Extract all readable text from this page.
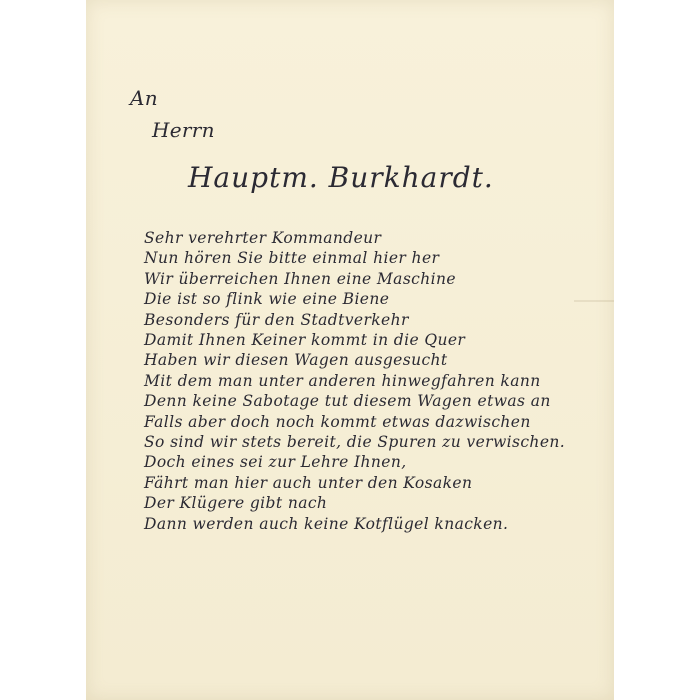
An

Herrn

Hauptm. Burkhardt.

Sehr verehrter Kommandeur
Nun hören Sie bitte einmal hier her
Wir überreichen Ihnen eine Maschine
Die ist so flink wie eine Biene
Besonders für den Stadtverkehr
Damit Ihnen Keiner kommt in die Quer
Haben wir diesen Wagen ausgesucht
Mit dem man unter anderen hinwegfahren kann
Denn keine Sabotage tut diesem Wagen etwas an
Falls aber doch noch kommt etwas dazwischen
So sind wir stets bereit, die Spuren zu verwischen.
Doch eines sei zur Lehre Ihnen,
Fährt man hier auch unter den Kosaken
Der Klügere gibt nach
Dann werden auch keine Kotflügel knacken.
